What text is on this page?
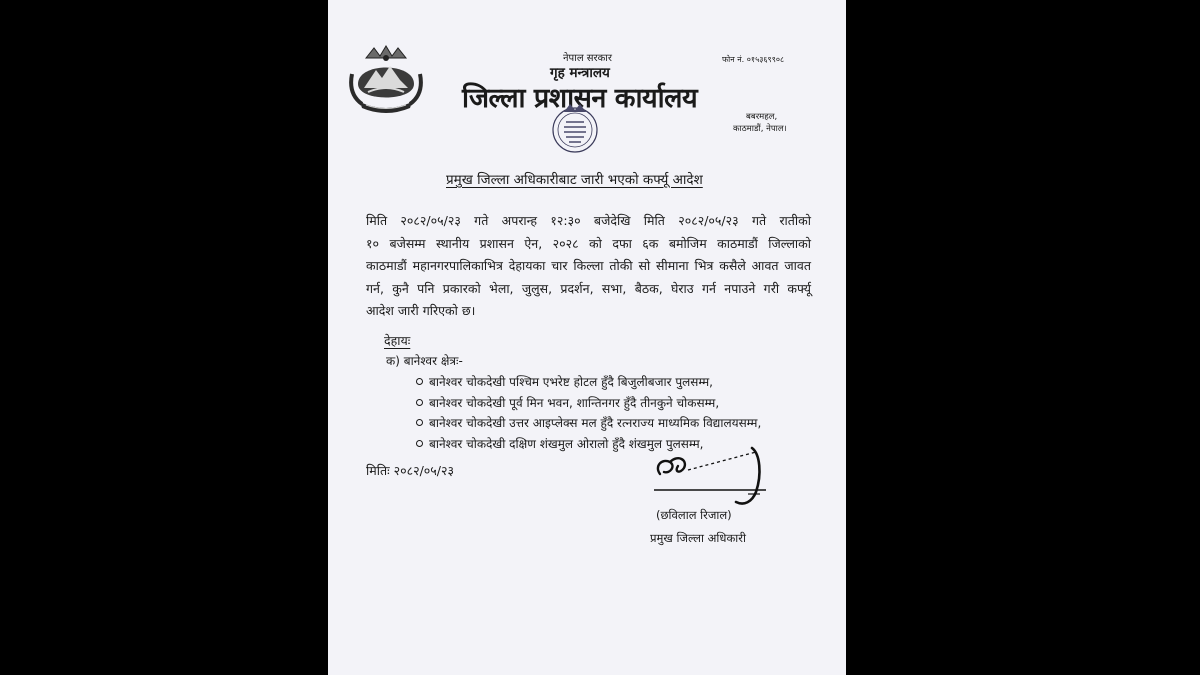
नेपाल सरकार
गृह मन्त्रालय
जिल्ला प्रशासन कार्यालय
फोन नं. ०१५३६९९०८
बबरमहल,
काठमाडौं, नेपाल।
प्रमुख जिल्ला अधिकारीबाट जारी भएको कर्फ्यू आदेश

मिति २०८२/०५/२३ गते अपरान्ह १२:३० बजेदेखि मिति २०८२/०५/२३ गते रातीको

१० बजेसम्म स्थानीय प्रशासन ऐन, २०२८ को दफा ६क बमोजिम काठमाडौं जिल्लाको

काठमाडौं महानगरपालिकाभित्र देहायका चार किल्ला तोकी सो सीमाना भित्र कसैले आवत जावत

गर्न, कुनै पनि प्रकारको भेला, जुलुस, प्रदर्शन, सभा, बैठक, घेराउ गर्न नपाउने गरी कर्फ्यू

आदेश जारी गरिएको छ।

देहायः
क) बानेश्वर क्षेत्रः-
बानेश्वर चोकदेखी पश्चिम एभरेष्ट होटल हुँदै बिजुलीबजार पुलसम्म,
बानेश्वर चोकदेखी पूर्व मिन भवन, शान्तिनगर हुँदै तीनकुने चोकसम्म,
बानेश्वर चोकदेखी उत्तर आइप्लेक्स मल हुँदै रत्नराज्य माध्यमिक विद्यालयसम्म,
बानेश्वर चोकदेखी दक्षिण शंखमुल ओरालो हुँदै शंखमुल पुलसम्म,
मितिः २०८२/०५/२३
(छविलाल रिजाल)
प्रमुख जिल्ला अधिकारी
